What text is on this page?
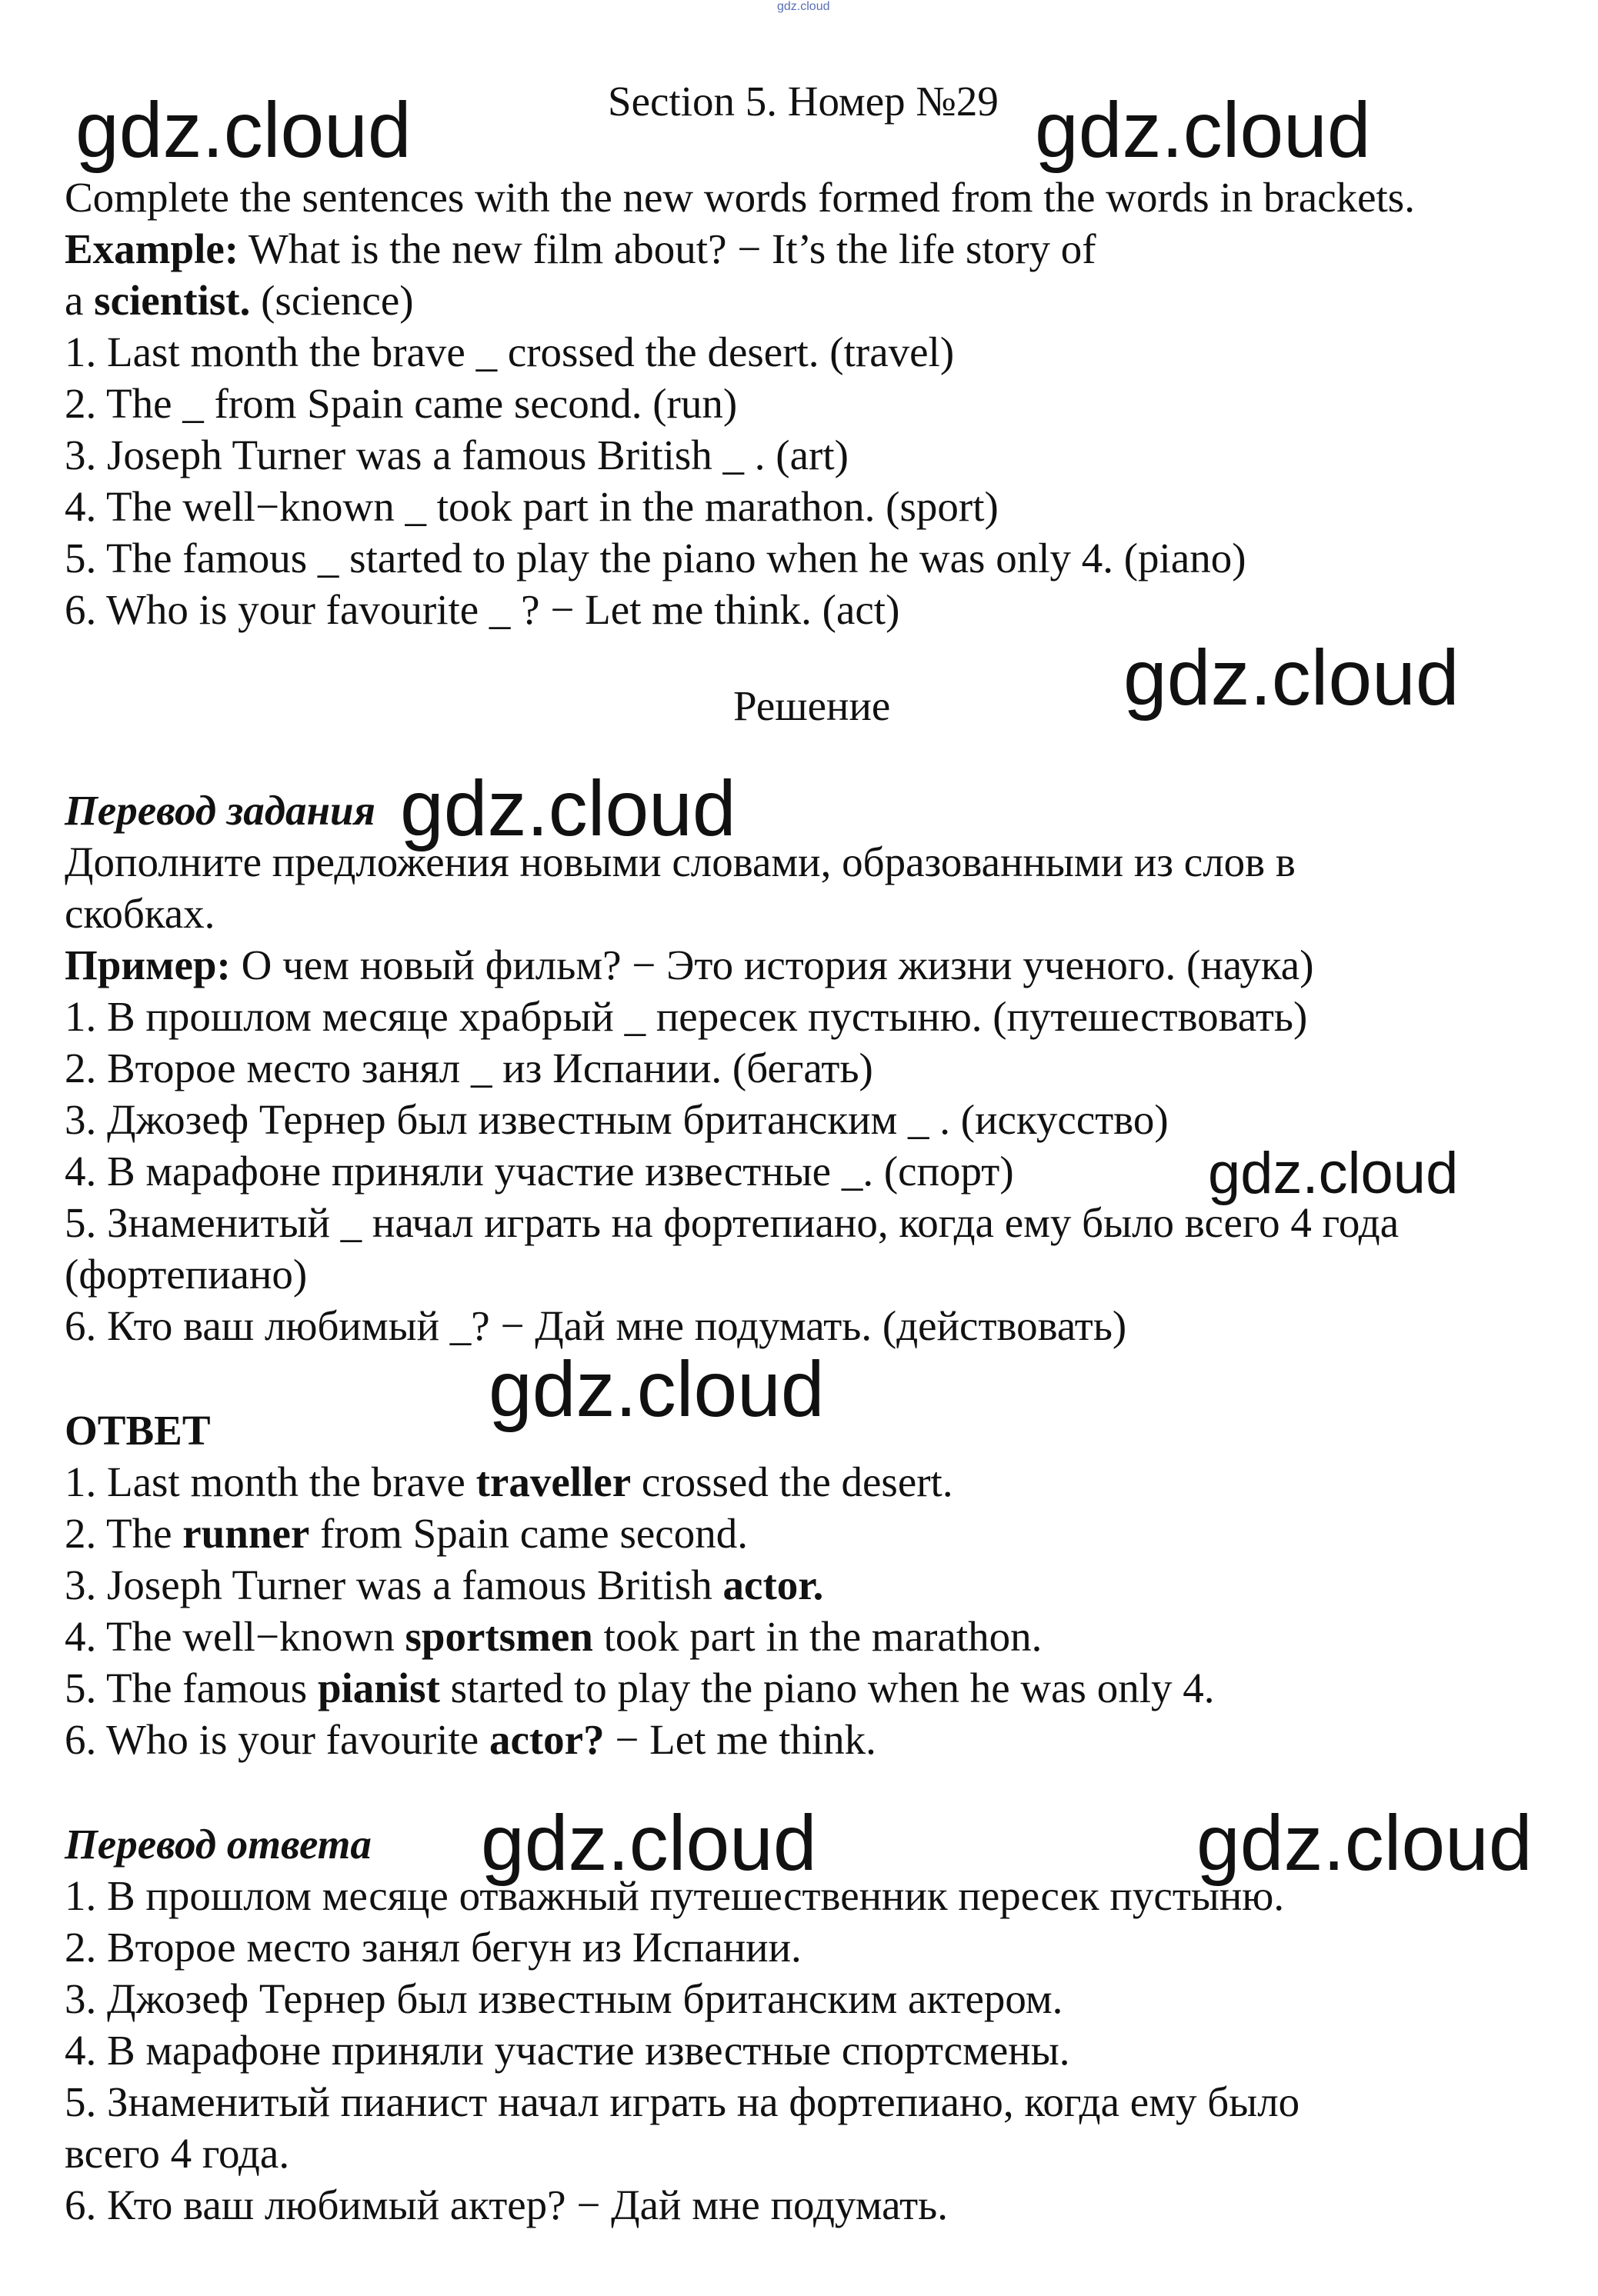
gdz.cloud
gdz.cloud	gdz.cloud
gdz.cloud
gdz.cloud
gdz.cloud
gdz.cloud
gdz.cloud	gdz.cloud
Section 5. Номер №29
Complete the sentences with the new words formed from the words in brackets.
Example: What is the new film about? − It’s the life story of
a scientist. (science)
1. Last month the brave _ crossed the desert. (travel)
2. The _ from Spain came second. (run)
3. Joseph Turner was a famous British _ . (art)
4. The well−known _ took part in the marathon. (sport)
5. The famous _ started to play the piano when he was only 4. (piano)
6. Who is your favourite _ ? − Let me think. (act)
Решение
Перевод задания
Дополните предложения новыми словами, образованными из слов в
скобках.
Пример: О чем новый фильм? − Это история жизни ученого. (наука)
1. В прошлом месяце храбрый _ пересек пустыню. (путешествовать)
2. Второе место занял _ из Испании. (бегать)
3. Джозеф Тернер был известным британским _ . (искусство)
4. В марафоне приняли участие известные _. (спорт)
5. Знаменитый _ начал играть на фортепиано, когда ему было всего 4 года
(фортепиано)
6. Кто ваш любимый _? − Дай мне подумать. (действовать)
ОТВЕТ
1. Last month the brave traveller crossed the desert.
2. The runner from Spain came second.
3. Joseph Turner was a famous British actor.
4. The well−known sportsmen took part in the marathon.
5. The famous pianist started to play the piano when he was only 4.
6. Who is your favourite actor? − Let me think.
Перевод ответа
1. В прошлом месяце отважный путешественник пересек пустыню.
2. Второе место занял бегун из Испании.
3. Джозеф Тернер был известным британским актером.
4. В марафоне приняли участие известные спортсмены.
5. Знаменитый пианист начал играть на фортепиано, когда ему было
всего 4 года.
6. Кто ваш любимый актер? − Дай мне подумать.
